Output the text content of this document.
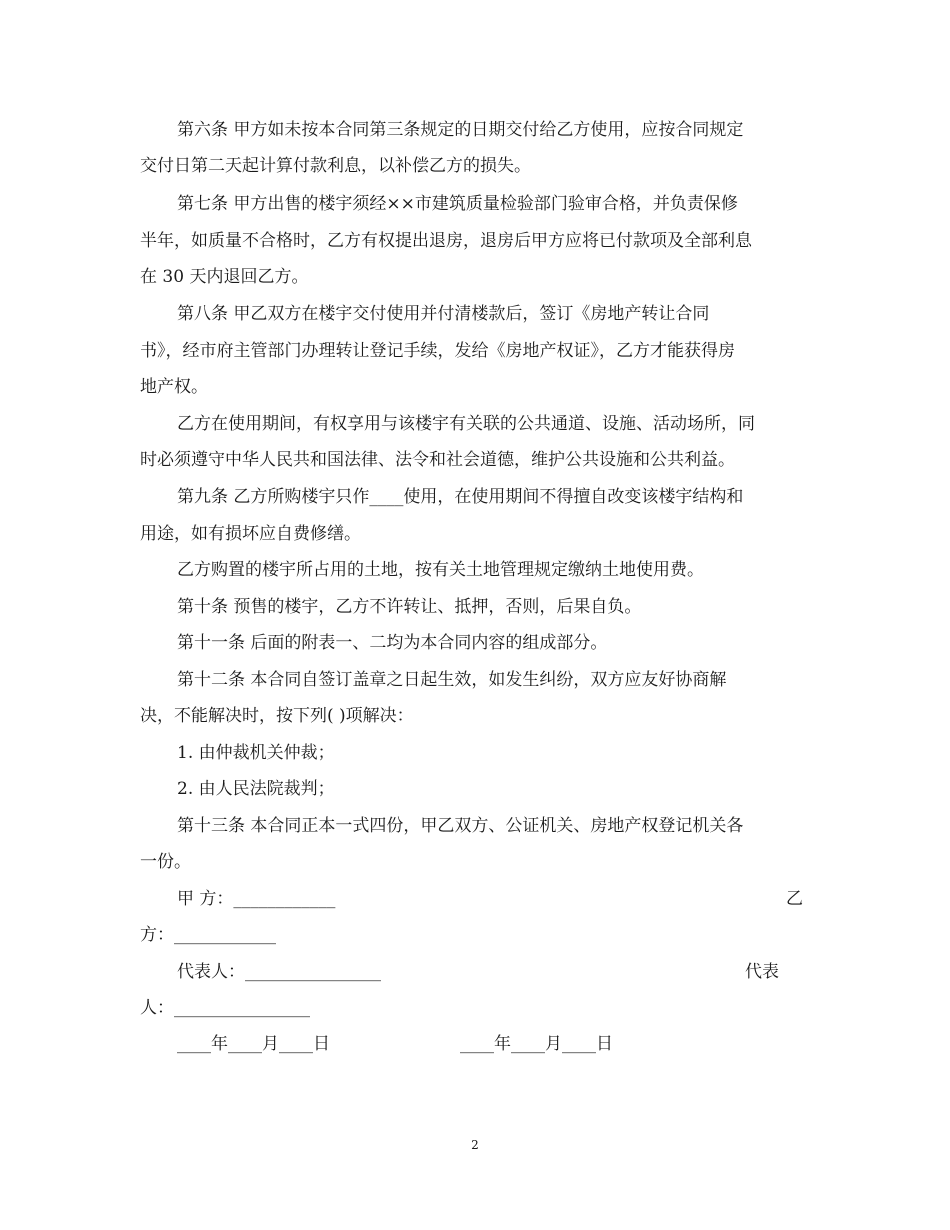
第六条 甲方如未按本合同第三条规定的日期交付给乙方使用，应按合同规定

交付日第二天起计算付款利息，以补偿乙方的损失。

第七条 甲方出售的楼宇须经××市建筑质量检验部门验审合格，并负责保修

半年，如质量不合格时，乙方有权提出退房，退房后甲方应将已付款项及全部利息

在 30 天内退回乙方。

第八条 甲乙双方在楼宇交付使用并付清楼款后，签订《房地产转让合同

书》，经市府主管部门办理转让登记手续，发给《房地产权证》，乙方才能获得房

地产权。

乙方在使用期间，有权享用与该楼宇有关联的公共通道、设施、活动场所，同

时必须遵守中华人民共和国法律、法令和社会道德，维护公共设施和公共利益。

第九条 乙方所购楼宇只作____使用，在使用期间不得擅自改变该楼宇结构和

用途，如有损坏应自费修缮。

乙方购置的楼宇所占用的土地，按有关土地管理规定缴纳土地使用费。

第十条 预售的楼宇，乙方不许转让、抵押，否则，后果自负。

第十一条 后面的附表一、二均为本合同内容的组成部分。

第十二条 本合同自签订盖章之日起生效，如发生纠纷，双方应友好协商解

决，不能解决时，按下列( )项解决：

1. 由仲裁机关仲裁；

2. 由人民法院裁判；

第十三条 本合同正本一式四份，甲乙双方、公证机关、房地产权登记机关各

一份。

甲 方：____________	乙

方：____________

代表人：________________	代表

人：________________

____年____月____日	____年____月____日

2
